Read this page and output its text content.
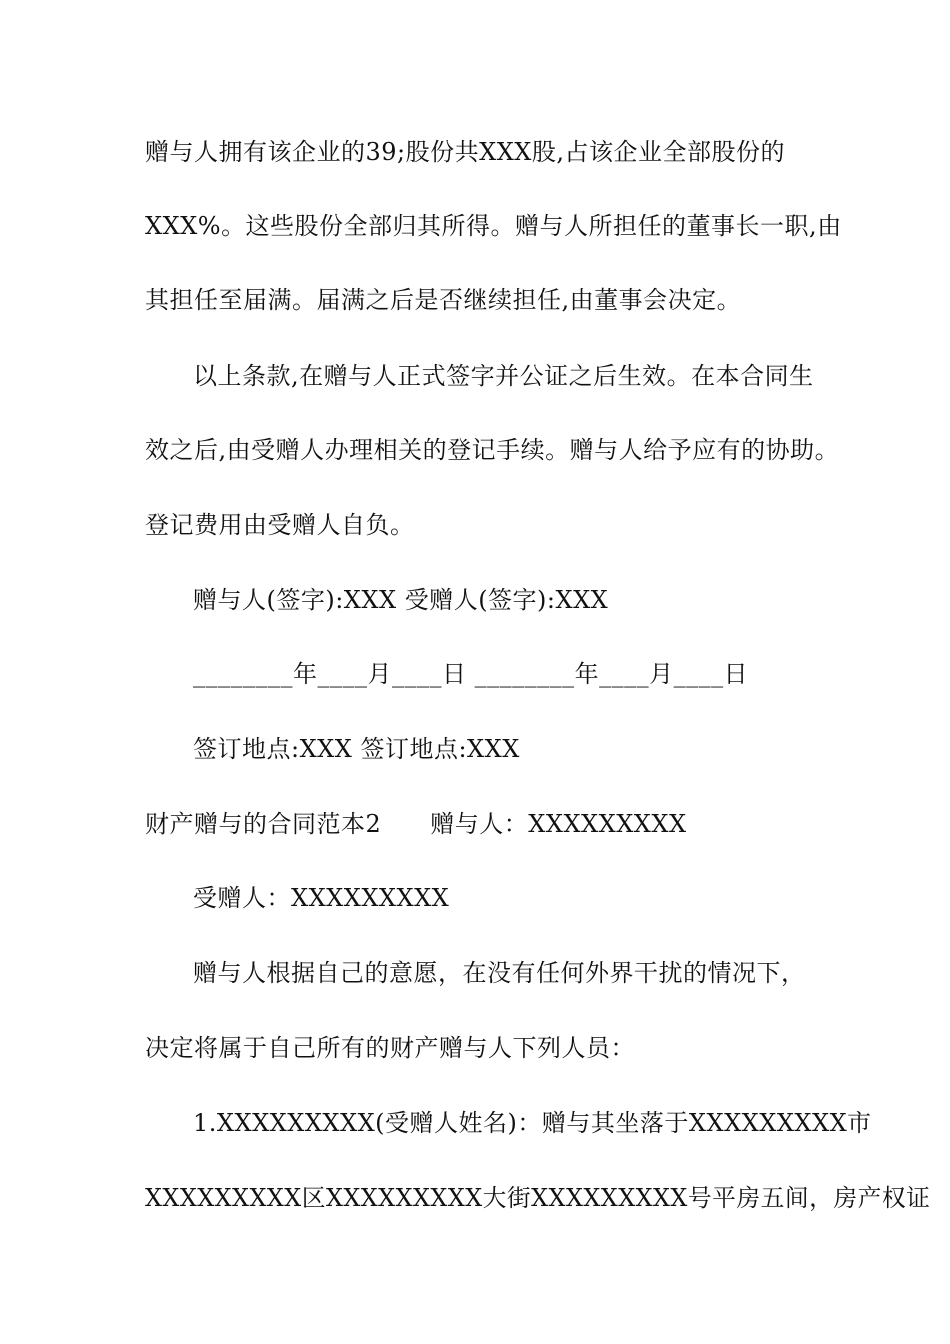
赠与人拥有该企业的39;股份共XXX股,占该企业全部股份的
XXX%。这些股份全部归其所得。赠与人所担任的董事长一职,由
其担任至届满。届满之后是否继续担任,由董事会决定。
以上条款,在赠与人正式签字并公证之后生效。在本合同生
效之后,由受赠人办理相关的登记手续。赠与人给予应有的协助。
登记费用由受赠人自负。
赠与人(签字):XXX 受赠人(签字):XXX
________年____月____日 ________年____月____日
签订地点:XXX 签订地点:XXX
财产赠与的合同范本2　　赠与人：XXXXXXXXX
受赠人：XXXXXXXXX
赠与人根据自己的意愿，在没有任何外界干扰的情况下，
决定将属于自己所有的财产赠与人下列人员：
1.XXXXXXXXX(受赠人姓名)：赠与其坐落于XXXXXXXXX市
XXXXXXXXX区XXXXXXXXX大街XXXXXXXXX号平房五间，房产权证
